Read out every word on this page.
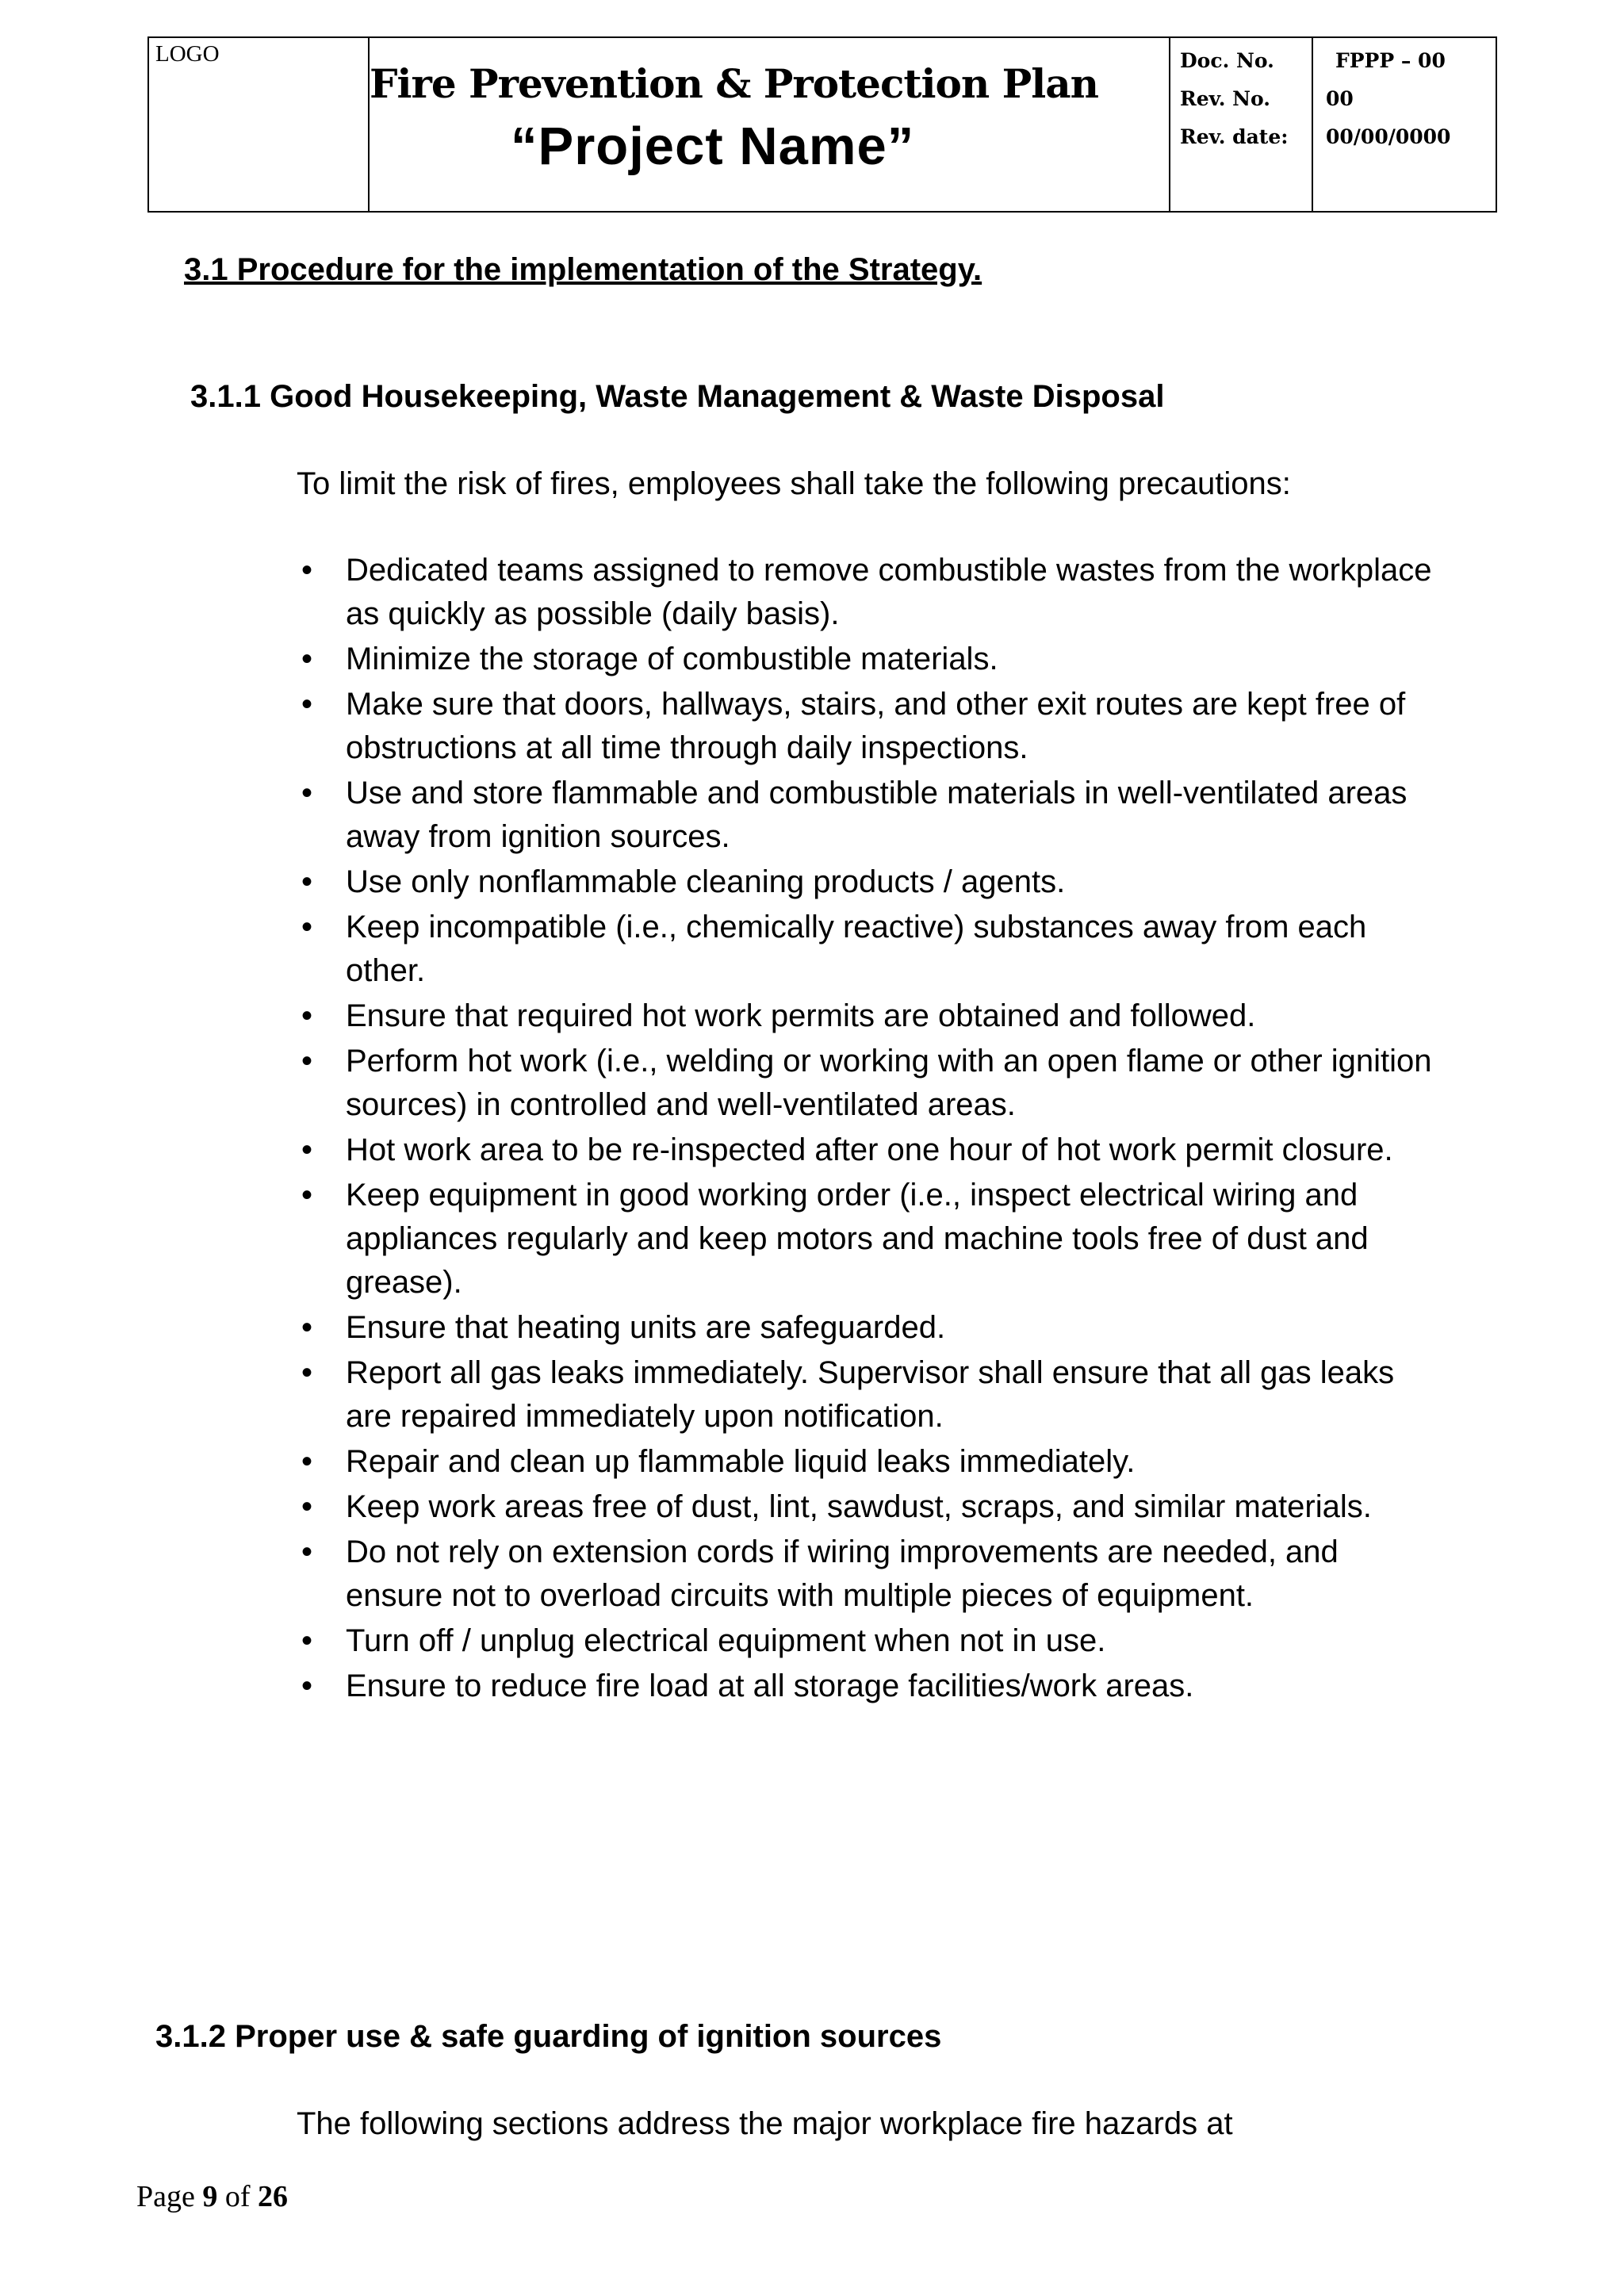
LOGO
Fire Prevention & Protection Plan
“Project Name”
Doc. No.	FPPP – 00
Rev. No.	00
Rev. date: 00/00/0000
3.1 Procedure for the implementation of the Strategy.
3.1.1 Good Housekeeping, Waste Management & Waste Disposal
To limit the risk of fires, employees shall take the following precautions:
• Dedicated teams assigned to remove combustible wastes from the workplace as quickly as possible (daily basis).
• Minimize the storage of combustible materials.
• Make sure that doors, hallways, stairs, and other exit routes are kept free of obstructions at all time through daily inspections.
• Use and store flammable and combustible materials in well-ventilated areas away from ignition sources.
• Use only nonflammable cleaning products / agents.
• Keep incompatible (i.e., chemically reactive) substances away from each other.
• Ensure that required hot work permits are obtained and followed.
• Perform hot work (i.e., welding or working with an open flame or other ignition sources) in controlled and well-ventilated areas.
• Hot work area to be re-inspected after one hour of hot work permit closure.
• Keep equipment in good working order (i.e., inspect electrical wiring and appliances regularly and keep motors and machine tools free of dust and grease).
• Ensure that heating units are safeguarded.
• Report all gas leaks immediately. Supervisor shall ensure that all gas leaks are repaired immediately upon notification.
• Repair and clean up flammable liquid leaks immediately.
• Keep work areas free of dust, lint, sawdust, scraps, and similar materials.
• Do not rely on extension cords if wiring improvements are needed, and ensure not to overload circuits with multiple pieces of equipment.
• Turn off / unplug electrical equipment when not in use.
• Ensure to reduce fire load at all storage facilities/work areas.
3.1.2 Proper use & safe guarding of ignition sources
The following sections address the major workplace fire hazards at
Page 9 of 26
